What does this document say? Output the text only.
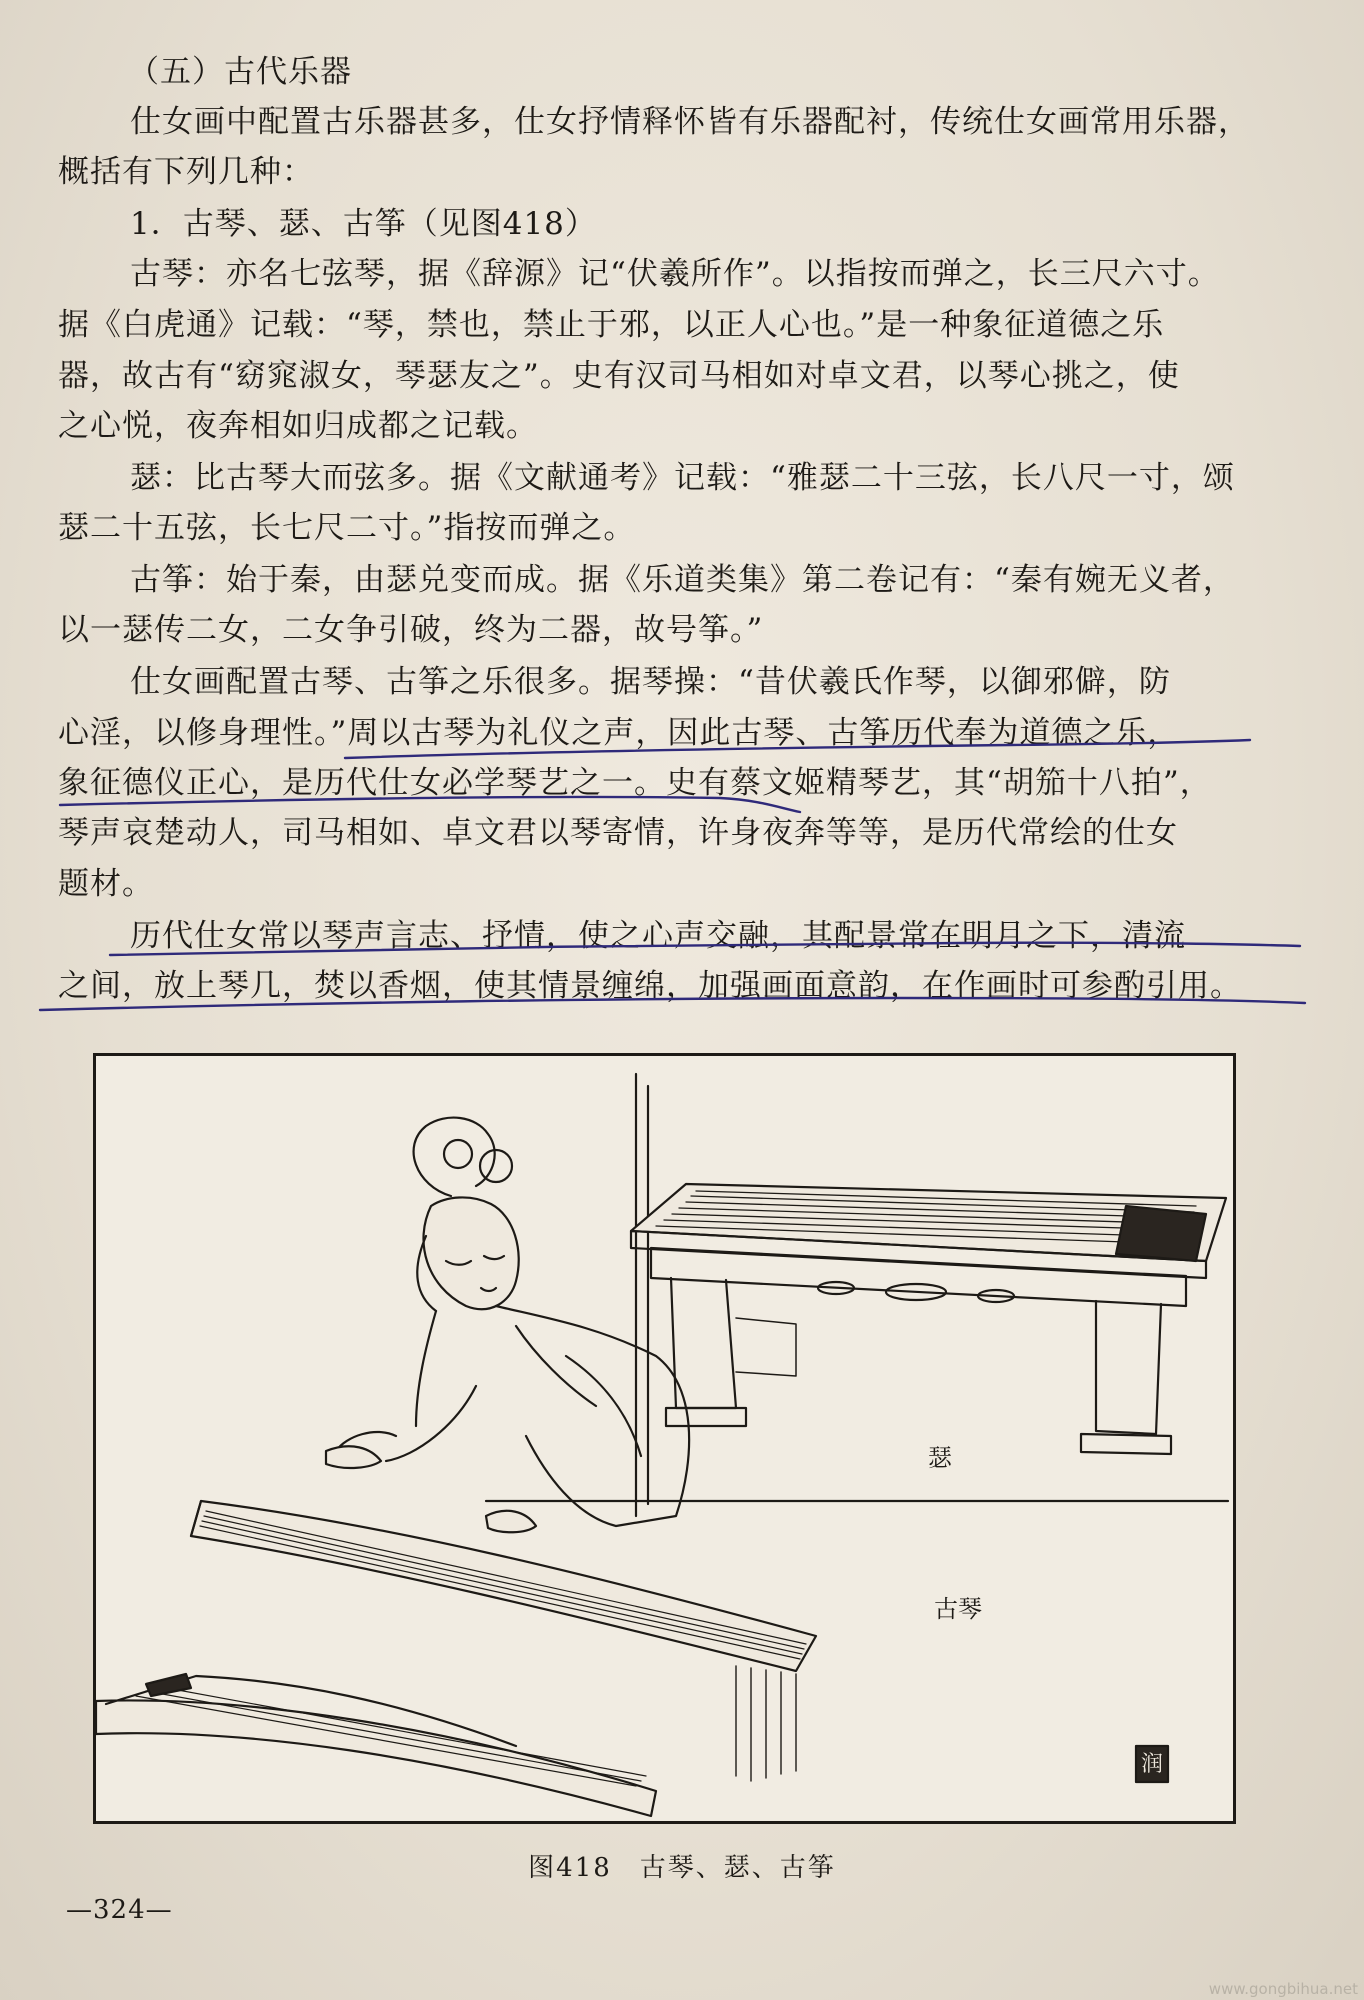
（五）古代乐器
仕女画中配置古乐器甚多，仕女抒情释怀皆有乐器配衬，传统仕女画常用乐器，
概括有下列几种：
1．古琴、瑟、古筝（见图418）
古琴：亦名七弦琴，据《辞源》记“伏羲所作”。以指按而弹之，长三尺六寸。
据《白虎通》记载：“琴，禁也，禁止于邪，以正人心也。”是一种象征道德之乐
器，故古有“窈窕淑女，琴瑟友之”。史有汉司马相如对卓文君，以琴心挑之，使
之心悦，夜奔相如归成都之记载。
瑟：比古琴大而弦多。据《文献通考》记载：“雅瑟二十三弦，长八尺一寸，颂
瑟二十五弦，长七尺二寸。”指按而弹之。
古筝：始于秦，由瑟兑变而成。据《乐道类集》第二卷记有：“秦有婉无义者，
以一瑟传二女，二女争引破，终为二器，故号筝。”
仕女画配置古琴、古筝之乐很多。据琴操：“昔伏羲氏作琴，以御邪僻，防
心淫，以修身理性。”周以古琴为礼仪之声，因此古琴、古筝历代奉为道德之乐，
象征德仪正心，是历代仕女必学琴艺之一。史有蔡文姬精琴艺，其“胡笳十八拍”，
琴声哀楚动人，司马相如、卓文君以琴寄情，许身夜奔等等，是历代常绘的仕女
题材。
历代仕女常以琴声言志、抒情，使之心声交融，其配景常在明月之下，清流
之间，放上琴几，焚以香烟，使其情景缠绵，加强画面意韵，在作画时可参酌引用。
瑟
古琴
润
图418　古琴、瑟、古筝
—324—
www.gongbihua.net
